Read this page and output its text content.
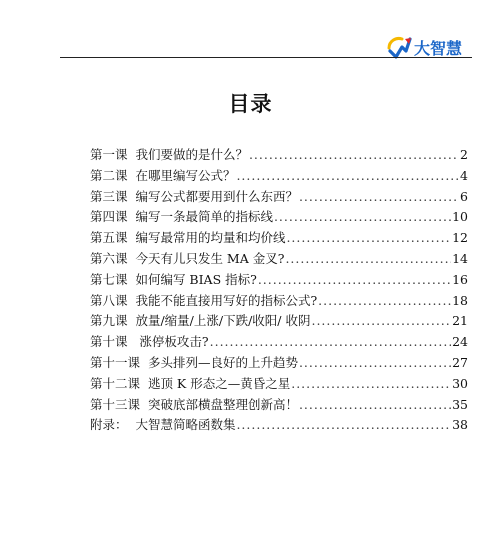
大智慧
目录
第一课  我们要做的是什么？ .....	2
第二课  在哪里编写公式？ .....	4
第三课  编写公式都要用到什么东西？ .....	6
第四课  编写一条最简单的指标线 .....	10
第五课  编写最常用的均量和均价线 .....	12
第六课  今天有儿只发生 MA 金叉? .....	14
第七课  如何编写 BIAS 指标? .....	16
第八课  我能不能直接用写好的指标公式? .....	18
第九课  放量/缩量/上涨/下跌/收阳/ 收阴 .....	21
第十课   涨停板攻击? .....	24
第十一课  多头排列—良好的上升趋势 .....	27
第十二课  逃顶 K 形态之—黄昏之星 .....	30
第十三课  突破底部横盘整理创新高！ .....	35
附录：  大智慧简略函数集 .....	38
